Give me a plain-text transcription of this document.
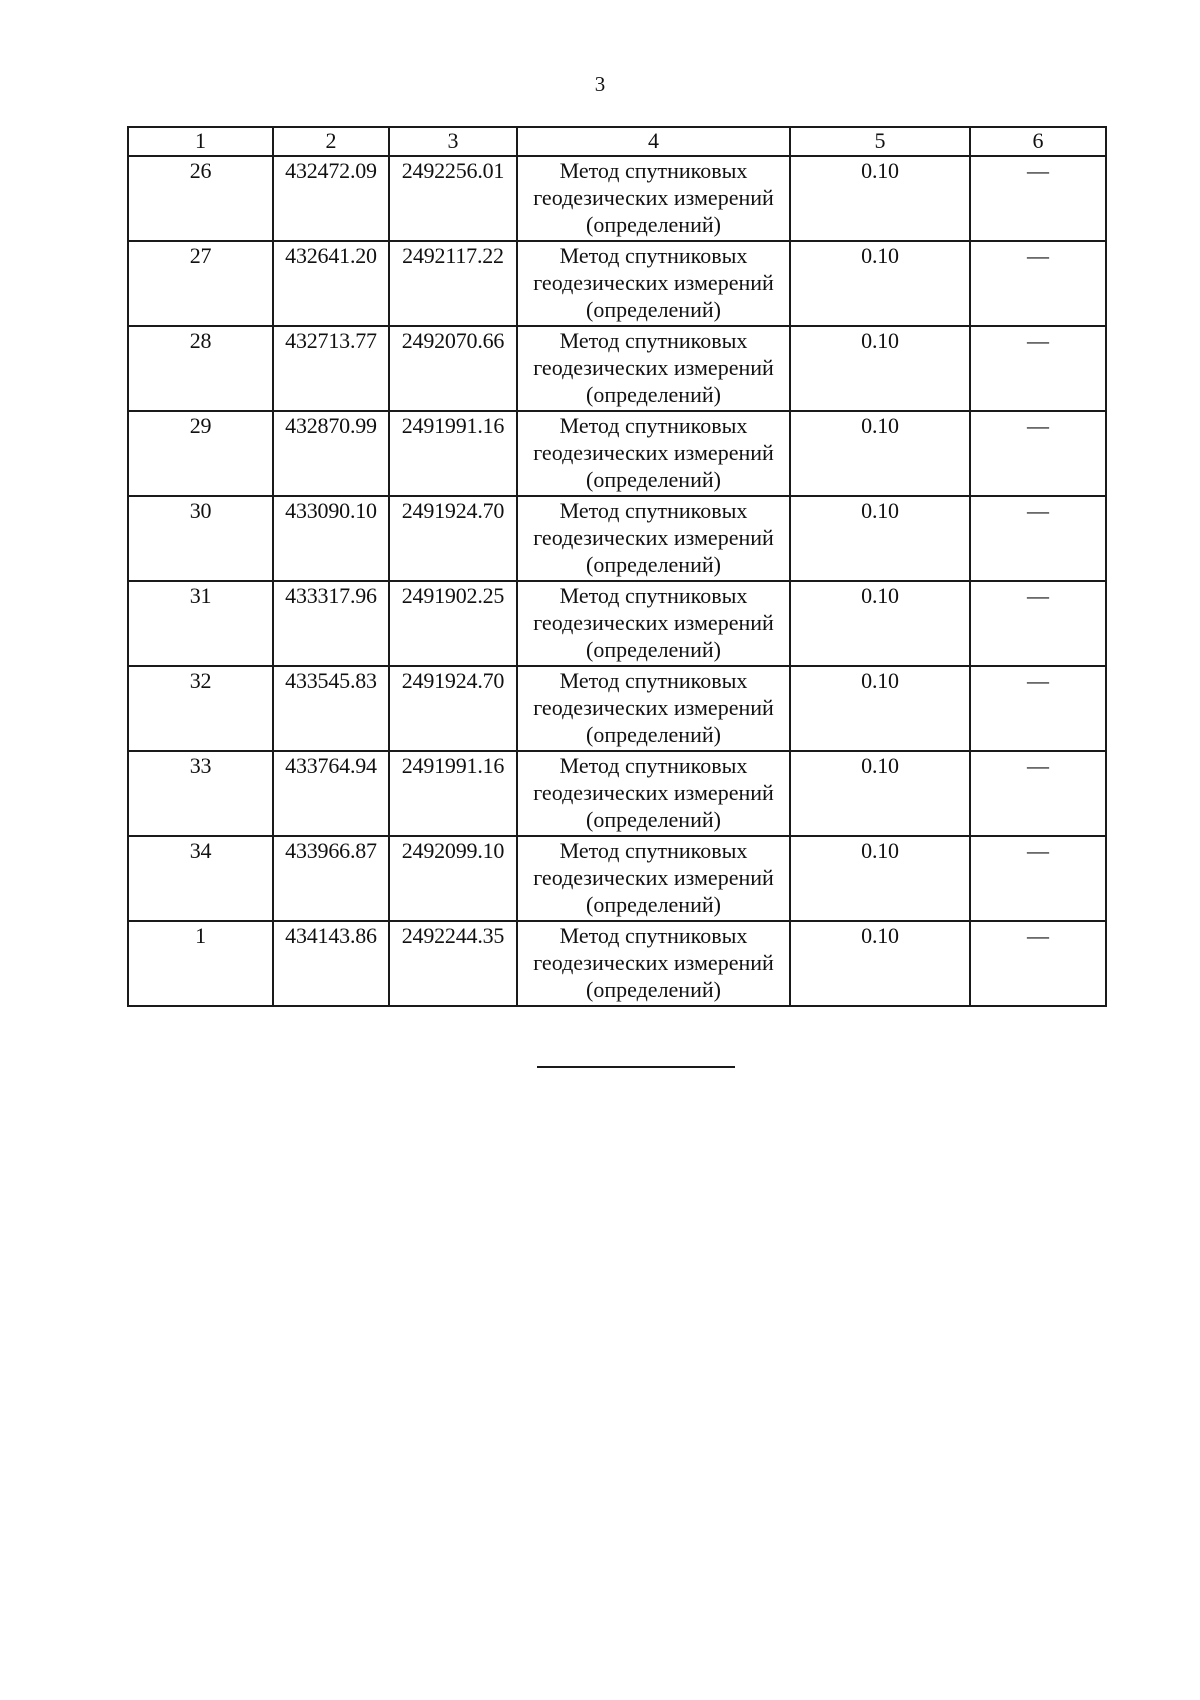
3
1	2	3	4	5	6
26	432472.09	2492256.01	Метод спутниковых
геодезических измерений
(определений)	0.10	—
27	432641.20	2492117.22	Метод спутниковых
геодезических измерений
(определений)	0.10	—
28	432713.77	2492070.66	Метод спутниковых
геодезических измерений
(определений)	0.10	—
29	432870.99	2491991.16	Метод спутниковых
геодезических измерений
(определений)	0.10	—
30	433090.10	2491924.70	Метод спутниковых
геодезических измерений
(определений)	0.10	—
31	433317.96	2491902.25	Метод спутниковых
геодезических измерений
(определений)	0.10	—
32	433545.83	2491924.70	Метод спутниковых
геодезических измерений
(определений)	0.10	—
33	433764.94	2491991.16	Метод спутниковых
геодезических измерений
(определений)	0.10	—
34	433966.87	2492099.10	Метод спутниковых
геодезических измерений
(определений)	0.10	—
1	434143.86	2492244.35	Метод спутниковых
геодезических измерений
(определений)	0.10	—
